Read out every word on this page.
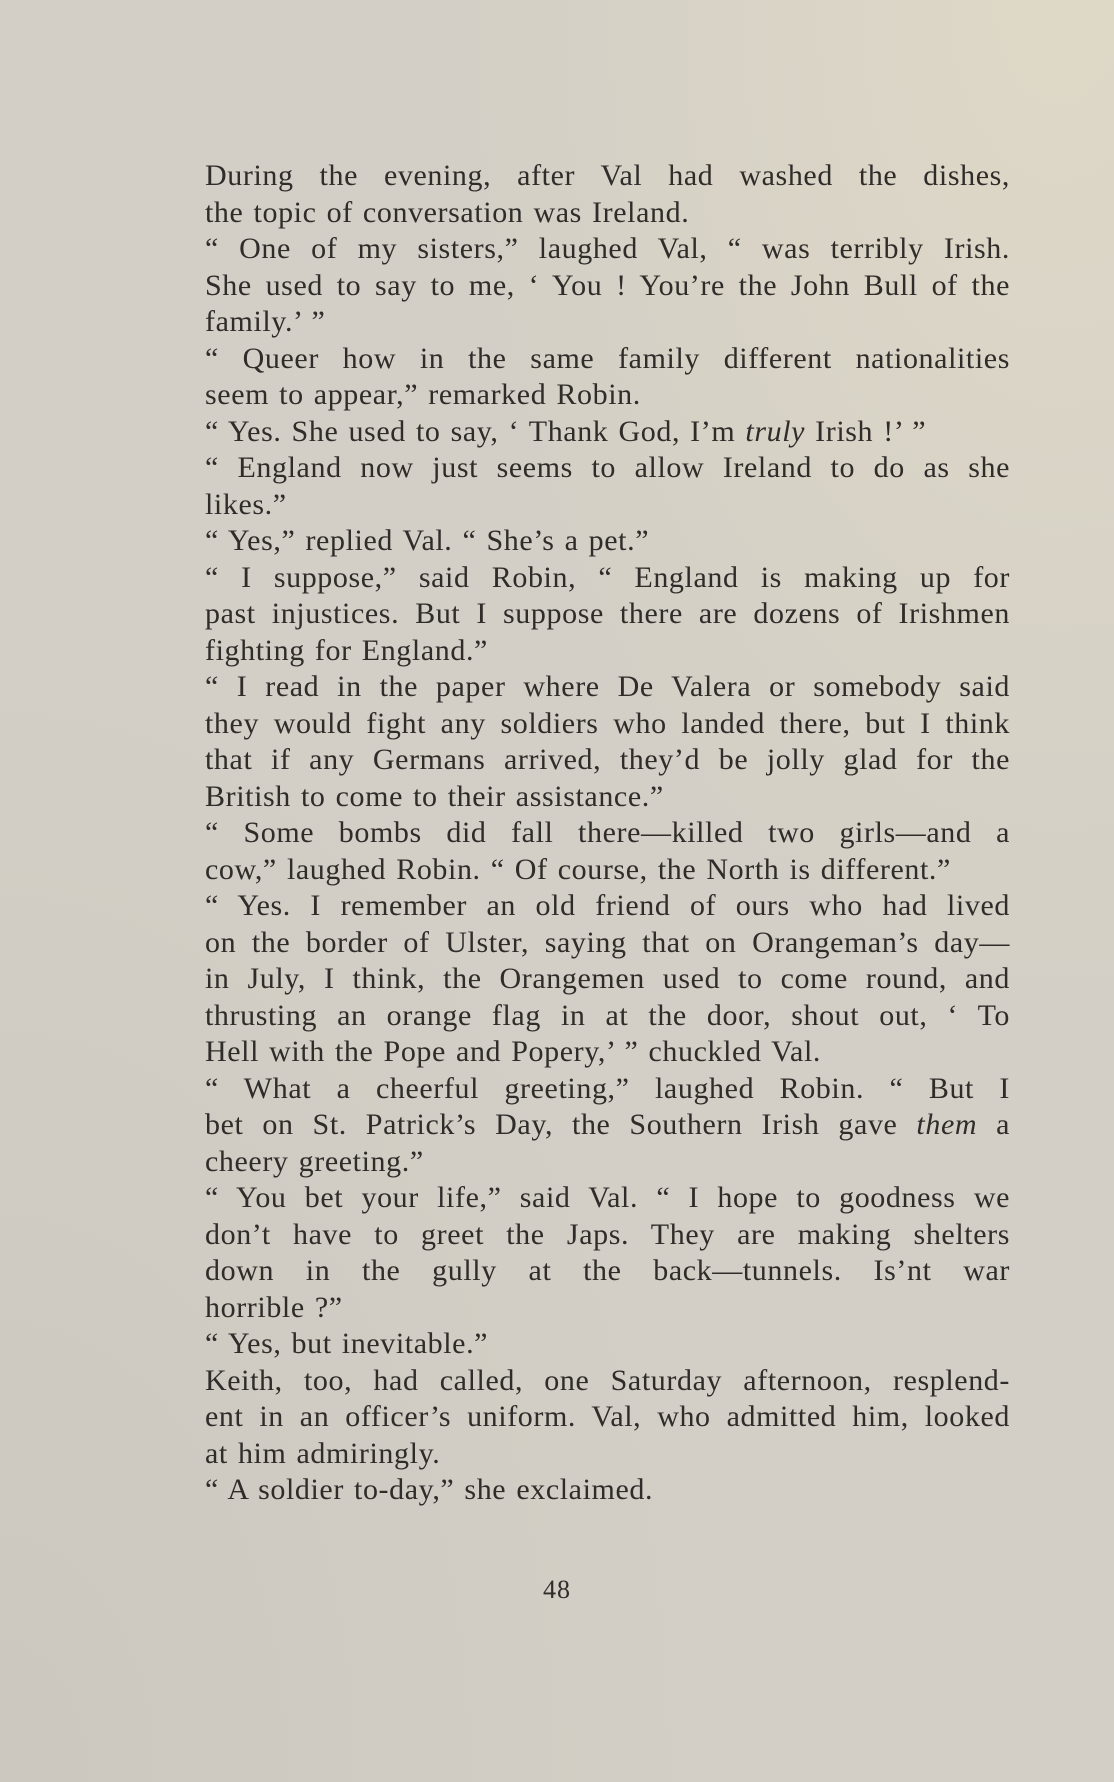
During the evening, after Val had washed the dishes,
the topic of conversation was Ireland.

“ One of my sisters,” laughed Val, “ was terribly Irish.
She used to say to me, ‘ You ! You’re the John Bull of the
family.’ ”

“ Queer how in the same family different nationalities
seem to appear,” remarked Robin.

“ Yes. She used to say, ‘ Thank God, I’m truly Irish !’ ”

“ England now just seems to allow Ireland to do as she
likes.”

“ Yes,” replied Val. “ She’s a pet.”

“ I suppose,” said Robin, “ England is making up for
past injustices. But I suppose there are dozens of Irishmen
fighting for England.”

“ I read in the paper where De Valera or somebody said
they would fight any soldiers who landed there, but I think
that if any Germans arrived, they’d be jolly glad for the
British to come to their assistance.”

“ Some bombs did fall there—killed two girls—and a
cow,” laughed Robin. “ Of course, the North is different.”

“ Yes. I remember an old friend of ours who had lived
on the border of Ulster, saying that on Orangeman’s day—
in July, I think, the Orangemen used to come round, and
thrusting an orange flag in at the door, shout out, ‘ To
Hell with the Pope and Popery,’ ” chuckled Val.

“ What a cheerful greeting,” laughed Robin. “ But I
bet on St. Patrick’s Day, the Southern Irish gave them a
cheery greeting.”

“ You bet your life,” said Val. “ I hope to goodness we
don’t have to greet the Japs. They are making shelters
down in the gully at the back—tunnels. Is’nt war
horrible ?”

“ Yes, but inevitable.”

Keith, too, had called, one Saturday afternoon, resplend-
ent in an officer’s uniform. Val, who admitted him, looked
at him admiringly.

“ A soldier to-day,” she exclaimed.

48
